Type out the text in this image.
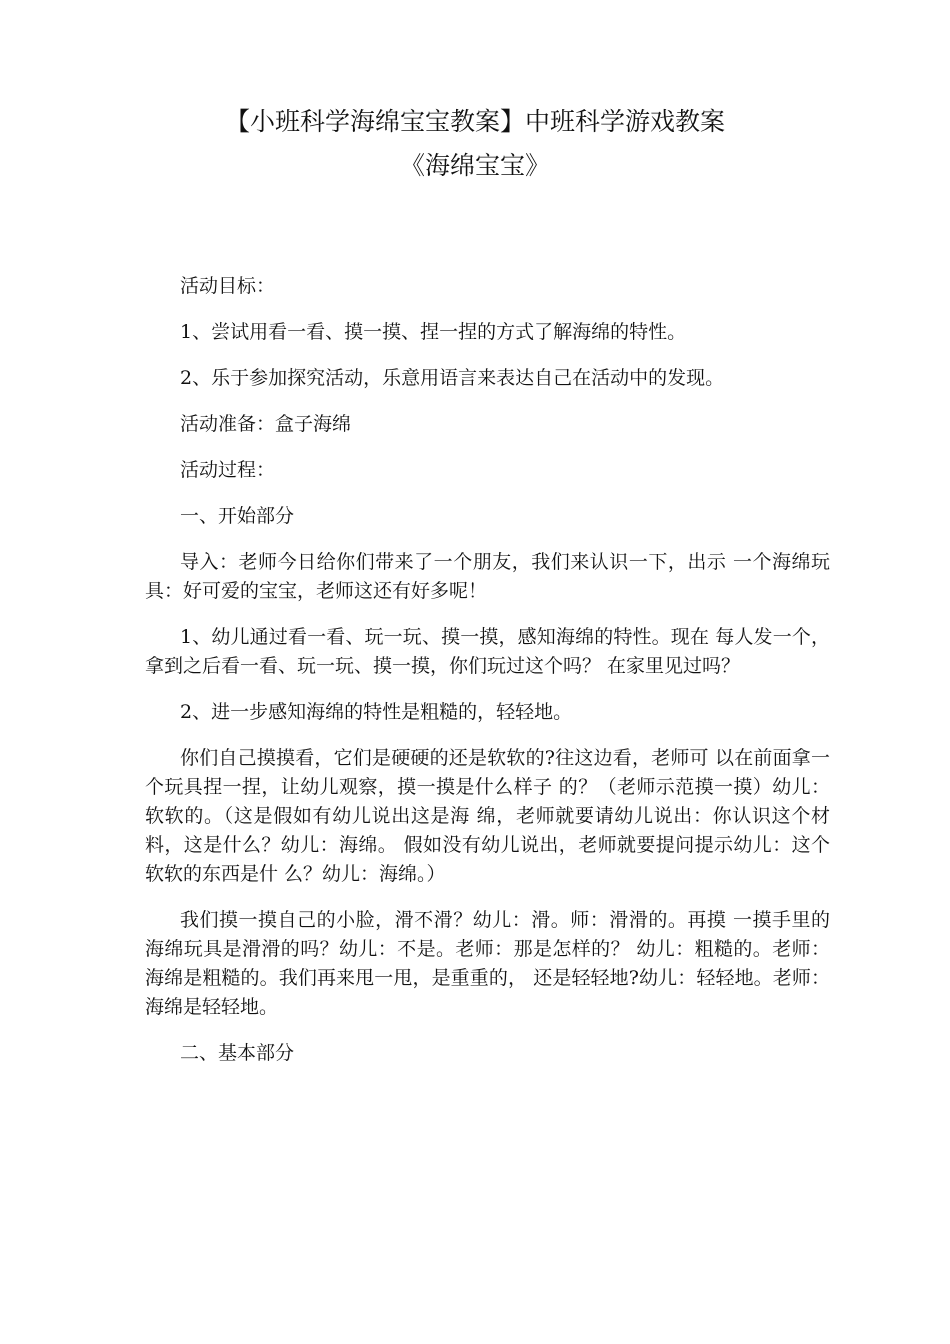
【小班科学海绵宝宝教案】中班科学游戏教案
《海绵宝宝》

活动目标：

1、尝试用看一看、摸一摸、捏一捏的方式了解海绵的特性。

2、乐于参加探究活动，乐意用语言来表达自己在活动中的发现。

活动准备：盒子海绵

活动过程：

一、开始部分

导入：老师今日给你们带来了一个朋友，我们来认识一下，出示 一个海绵玩具：好可爱的宝宝，老师这还有好多呢！

1、幼儿通过看一看、玩一玩、摸一摸，感知海绵的特性。现在 每人发一个，拿到之后看一看、玩一玩、摸一摸，你们玩过这个吗？ 在家里见过吗？

2、进一步感知海绵的特性是粗糙的，轻轻地。

你们自己摸摸看，它们是硬硬的还是软软的?往这边看，老师可 以在前面拿一个玩具捏一捏，让幼儿观察，摸一摸是什么样子 的？（老师示范摸一摸）幼儿：软软的。（这是假如有幼儿说出这是海 绵，老师就要请幼儿说出：你认识这个材料，这是什么？幼儿：海绵。 假如没有幼儿说出，老师就要提问提示幼儿：这个软软的东西是什 么？幼儿：海绵。）

我们摸一摸自己的小脸，滑不滑？幼儿：滑。师：滑滑的。再摸 一摸手里的海绵玩具是滑滑的吗？幼儿：不是。老师：那是怎样的？ 幼儿：粗糙的。老师：海绵是粗糙的。我们再来甩一甩，是重重的， 还是轻轻地?幼儿：轻轻地。老师：海绵是轻轻地。

二、基本部分
